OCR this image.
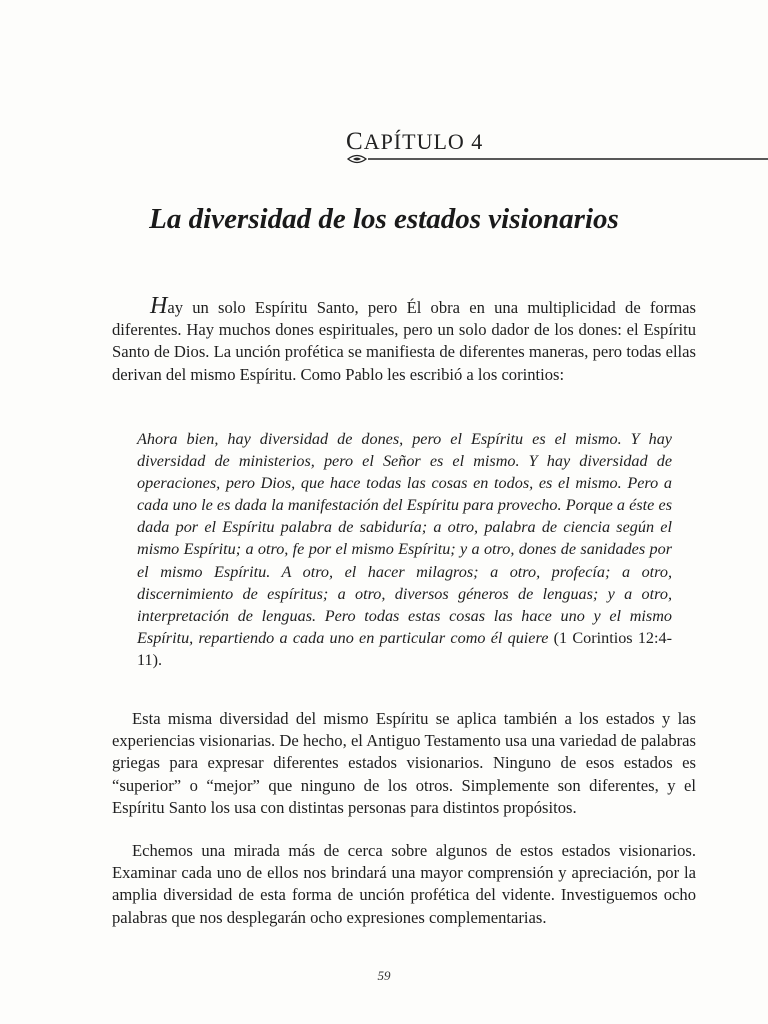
CAPÍTULO 4
La diversidad de los estados visionarios

Hay un solo Espíritu Santo, pero Él obra en una multiplicidad de formas diferentes. Hay muchos dones espirituales, pero un solo dador de los dones: el Espíritu Santo de Dios. La unción profética se manifiesta de diferentes maneras, pero todas ellas derivan del mismo Espíritu. Como Pablo les escribió a los corintios:

Ahora bien, hay diversidad de dones, pero el Espíritu es el mismo. Y hay diversidad de ministerios, pero el Señor es el mismo. Y hay diversidad de operaciones, pero Dios, que hace todas las cosas en todos, es el mismo. Pero a cada uno le es dada la manifestación del Espíritu para provecho. Porque a éste es dada por el Espíritu palabra de sabiduría; a otro, palabra de ciencia según el mismo Espíritu; a otro, fe por el mismo Espíritu; y a otro, dones de sanidades por el mismo Espíritu. A otro, el hacer milagros; a otro, profecía; a otro, discernimiento de espíritus; a otro, diversos géneros de lenguas; y a otro, interpretación de lenguas. Pero todas estas cosas las hace uno y el mismo Espíritu, repartiendo a cada uno en particular como él quiere (1 Corintios 12:4-11).

Esta misma diversidad del mismo Espíritu se aplica también a los estados y las experiencias visionarias. De hecho, el Antiguo Testamento usa una variedad de palabras griegas para expresar diferentes estados visionarios. Ninguno de esos estados es “superior” o “mejor” que ninguno de los otros. Simplemente son diferentes, y el Espíritu Santo los usa con distintas personas para distintos propósitos.

Echemos una mirada más de cerca sobre algunos de estos estados visionarios. Examinar cada uno de ellos nos brindará una mayor comprensión y apreciación, por la amplia diversidad de esta forma de unción profética del vidente. Investiguemos ocho palabras que nos desplegarán ocho expresiones complementarias.

59
